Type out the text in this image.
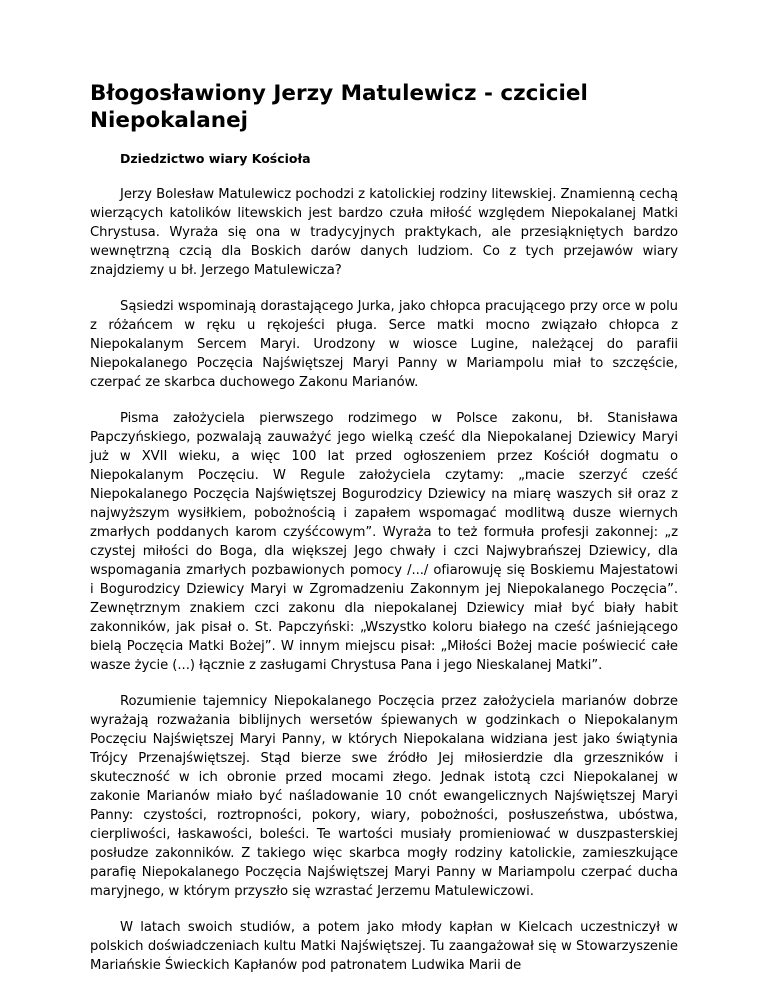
Błogosławiony Jerzy Matulewicz - czciciel Niepokalanej

Dziedzictwo wiary Kościoła

Jerzy Bolesław Matulewicz pochodzi z katolickiej rodziny litewskiej. Znamienną cechą wierzących katolików litewskich jest bardzo czuła miłość względem Niepokalanej Matki Chrystusa. Wyraża się ona w tradycyjnych praktykach, ale przesiąkniętych bardzo wewnętrzną czcią dla Boskich darów danych ludziom. Co z tych przejawów wiary znajdziemy u bł. Jerzego Matulewicza?

Sąsiedzi wspominają dorastającego Jurka, jako chłopca pracującego przy orce w polu z różańcem w ręku u rękojeści pługa. Serce matki mocno związało chłopca z Niepokalanym Sercem Maryi. Urodzony w wiosce Lugine, należącej do parafii Niepokalanego Poczęcia Najświętszej Maryi Panny w Mariampolu miał to szczęście, czerpać ze skarbca duchowego Zakonu Marianów.

Pisma założyciela pierwszego rodzimego w Polsce zakonu, bł. Stanisława Papczyńskiego, pozwalają zauważyć jego wielką cześć dla Niepokalanej Dziewicy Maryi już w XVII wieku, a więc 100 lat przed ogłoszeniem przez Kościół dogmatu o Niepokalanym Poczęciu. W Regule założyciela czytamy: „macie szerzyć cześć Niepokalanego Poczęcia Najświętszej Bogurodzicy Dziewicy na miarę waszych sił oraz z najwyższym wysiłkiem, pobożnością i zapałem wspomagać modlitwą dusze wiernych zmarłych poddanych karom czyśćcowym”. Wyraża to też formuła profesji zakonnej: „z czystej miłości do Boga, dla większej Jego chwały i czci Najwybrańszej Dziewicy, dla wspomagania zmarłych pozbawionych pomocy /.../ ofiarowuję się Boskiemu Majestatowi i Bogurodzicy Dziewicy Maryi w Zgromadzeniu Zakonnym jej Niepokalanego Poczęcia”. Zewnętrznym znakiem czci zakonu dla niepokalanej Dziewicy miał być biały habit zakonników, jak pisał o. St. Papczyński: „Wszystko koloru białego na cześć jaśniejącego bielą Poczęcia Matki Bożej”. W innym miejscu pisał: „Miłości Bożej macie poświecić całe wasze życie (...) łącznie z zasługami Chrystusa Pana i jego Nieskalanej Matki”.

Rozumienie tajemnicy Niepokalanego Poczęcia przez założyciela marianów dobrze wyrażają rozważania biblijnych wersetów śpiewanych w godzinkach o Niepokalanym Poczęciu Najświętszej Maryi Panny, w których Niepokalana widziana jest jako świątynia Trójcy Przenajświętszej. Stąd bierze swe źródło Jej miłosierdzie dla grzeszników i skuteczność w ich obronie przed mocami złego. Jednak istotą czci Niepokalanej w zakonie Marianów miało być naśladowanie 10 cnót ewangelicznych Najświętszej Maryi Panny: czystości, roztropności, pokory, wiary, pobożności, posłuszeństwa, ubóstwa, cierpliwości, łaskawości, boleści. Te wartości musiały promieniować w duszpasterskiej posłudze zakonników. Z takiego więc skarbca mogły rodziny katolickie, zamieszkujące parafię Niepokalanego Poczęcia Najświętszej Maryi Panny w Mariampolu czerpać ducha maryjnego, w którym przyszło się wzrastać Jerzemu Matulewiczowi.

W latach swoich studiów, a potem jako młody kapłan w Kielcach uczestniczył w polskich doświadczeniach kultu Matki Najświętszej. Tu zaangażował się w Stowarzyszenie Mariańskie Świeckich Kapłanów pod patronatem Ludwika Marii de
